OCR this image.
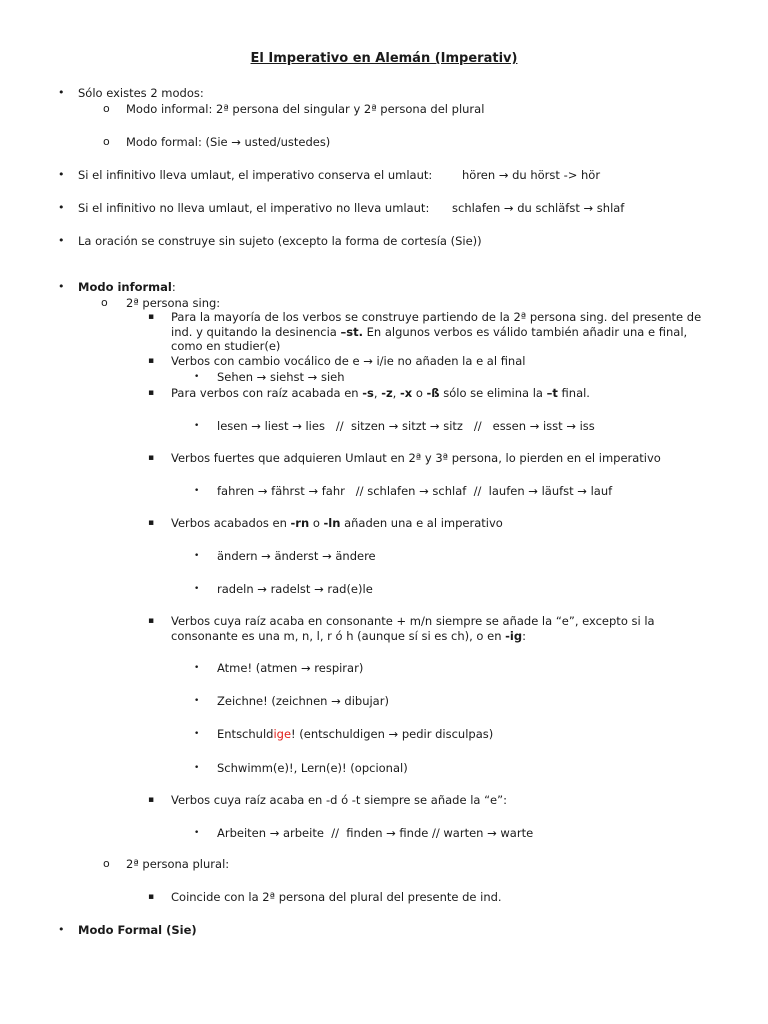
El Imperativo en Alemán (Imperativ)
• Sólo existes 2 modos:
o Modo informal: 2ª persona del singular y 2ª persona del plural
o Modo formal: (Sie → usted/ustedes)
• Si el infinitivo lleva umlaut, el imperativo conserva el umlaut:	hören → du hörst -> hör
• Si el infinitivo no lleva umlaut, el imperativo no lleva umlaut: schlafen → du schläfst → shlaf
• La oración se construye sin sujeto (excepto la forma de cortesía (Sie))
• Modo informal:
o 2ª persona sing:
▪ Para la mayoría de los verbos se construye partiendo de la 2ª persona sing. del presente de
ind. y quitando la desinencia –st. En algunos verbos es válido también añadir una e final,
como en studier(e)
▪ Verbos con cambio vocálico de e → i/ie no añaden la e al final
• Sehen → siehst → sieh
▪ Para verbos con raíz acabada en -s, -z, -x o -ß sólo se elimina la –t final.
• lesen → liest → lies   //  sitzen → sitzt → sitz   //   essen → isst → iss
▪ Verbos fuertes que adquieren Umlaut en 2ª y 3ª persona, lo pierden en el imperativo
• fahren → fährst → fahr   // schlafen → schlaf  //  laufen → läufst → lauf
▪ Verbos acabados en -rn o -ln añaden una e al imperativo
• ändern → änderst → ändere
• radeln → radelst → rad(e)le
▪ Verbos cuya raíz acaba en consonante + m/n siempre se añade la “e”, excepto si la
consonante es una m, n, l, r ó h (aunque sí si es ch), o en -ig:
• Atme! (atmen → respirar)
• Zeichne! (zeichnen → dibujar)
• Entschuldige! (entschuldigen → pedir disculpas)
• Schwimm(e)!, Lern(e)! (opcional)
▪ Verbos cuya raíz acaba en -d ó -t siempre se añade la “e”:
• Arbeiten → arbeite  //  finden → finde // warten → warte
o 2ª persona plural:
▪ Coincide con la 2ª persona del plural del presente de ind.
• Modo Formal (Sie)
